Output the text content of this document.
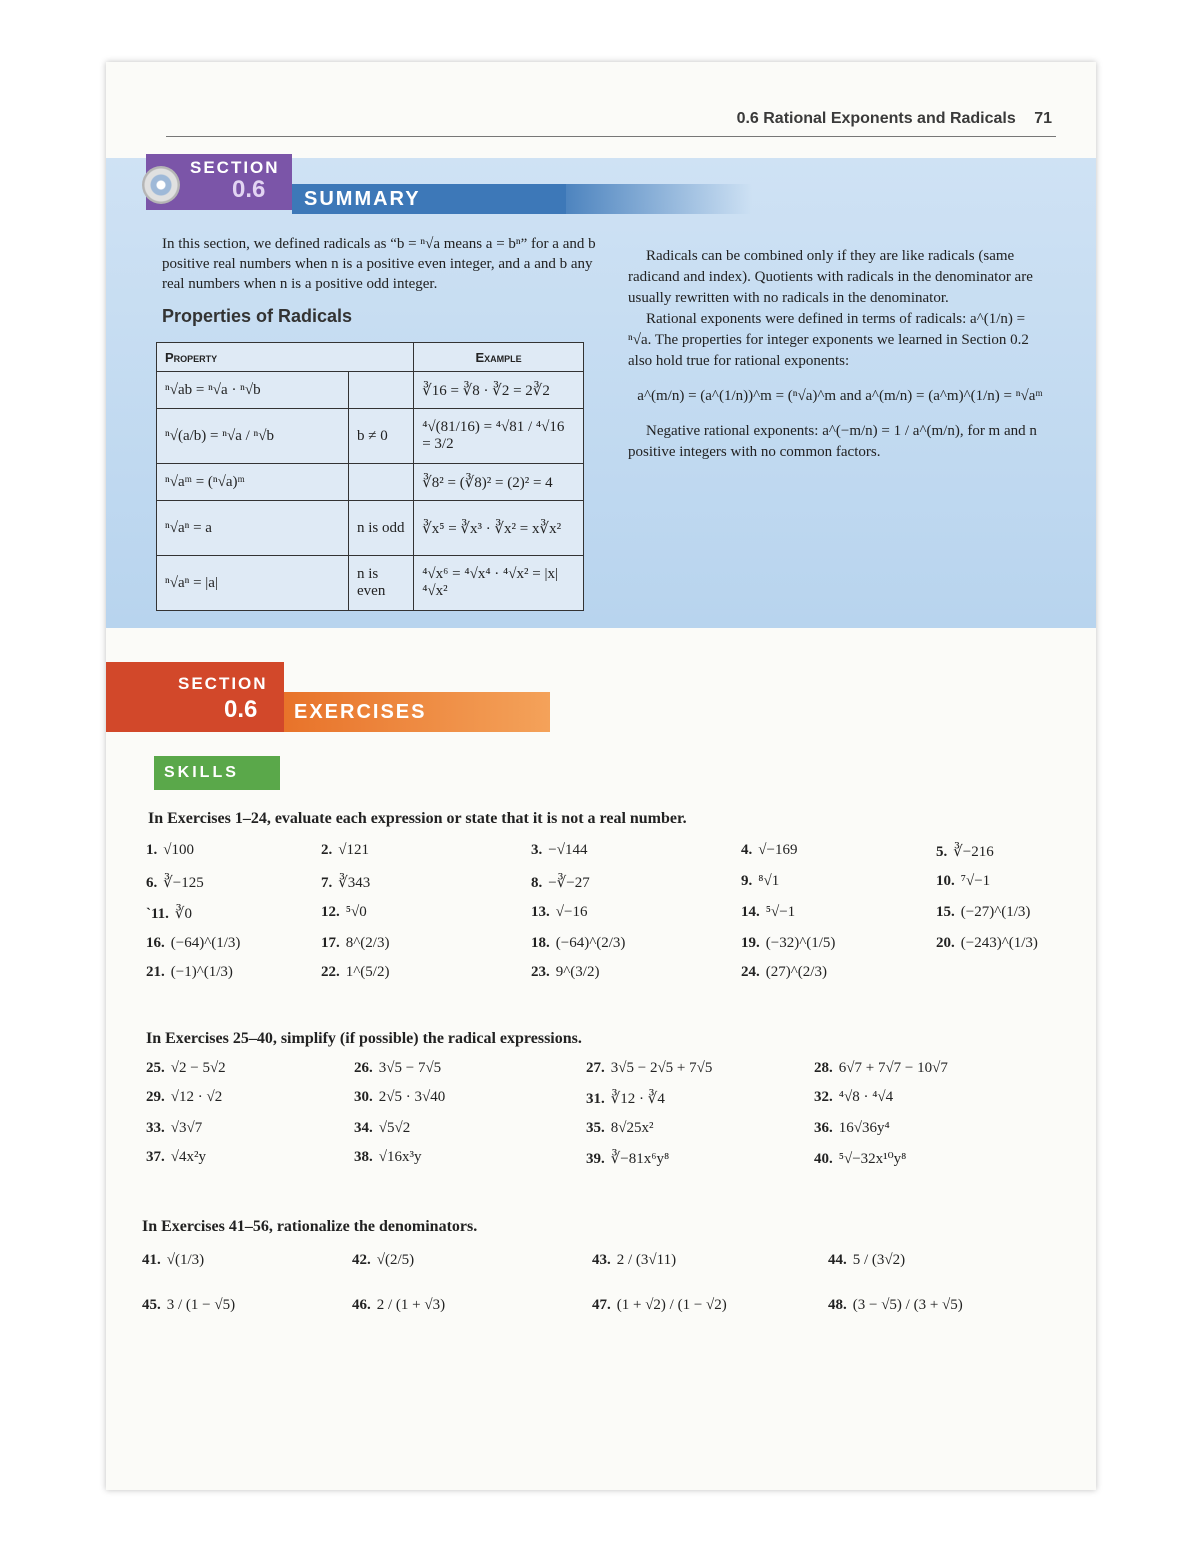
0.6 Rational Exponents and Radicals 71
SECTION
0.6	SUMMARY
In this section, we defined radicals as “b = ⁿ√a means a = bⁿ” for a and b positive real numbers when n is a positive even integer, and a and b any real numbers when n is a positive odd integer.
Properties of Radicals
Property		Example
ⁿ√ab = ⁿ√a · ⁿ√b		∛16 = ∛8 · ∛2 = 2∛2
ⁿ√(a/b) = ⁿ√a / ⁿ√b	b ≠ 0	⁴√(81/16) = ⁴√81 / ⁴√16 = 3/2
ⁿ√aᵐ = (ⁿ√a)ᵐ		∛8² = (∛8)² = (2)² = 4
ⁿ√aⁿ = a	n is odd	∛x⁵ = ∛x³ · ∛x² = x∛x²
ⁿ√aⁿ = |a|	n is even	⁴√x⁶ = ⁴√x⁴ · ⁴√x² = |x|⁴√x²

Radicals can be combined only if they are like radicals (same radicand and index). Quotients with radicals in the denominator are usually rewritten with no radicals in the denominator.

Rational exponents were defined in terms of radicals: a^(1/n) = ⁿ√a. The properties for integer exponents we learned in Section 0.2 also hold true for rational exponents:

a^(m/n) = (a^(1/n))^m = (ⁿ√a)^m and a^(m/n) = (a^m)^(1/n) = ⁿ√aᵐ

Negative rational exponents: a^(−m/n) = 1 / a^(m/n), for m and n positive integers with no common factors.

SECTION
0.6	EXERCISES
SKILLS
In Exercises 1–24, evaluate each expression or state that it is not a real number.
1. √100	2. √121	3. −√144	4. √−169	5. ∛−216
6. ∛−125	7. ∛343	8. −∛−27	9. ⁸√1	10. ⁷√−1
`11. ∛0	12. ⁵√0	13. √−16	14. ⁵√−1	15. (−27)^(1/3)
16. (−64)^(1/3)	17. 8^(2/3)	18. (−64)^(2/3)	19. (−32)^(1/5)	20. (−243)^(1/3)
21. (−1)^(1/3)	22. 1^(5/2)	23. 9^(3/2)	24. (27)^(2/3)
In Exercises 25–40, simplify (if possible) the radical expressions.
25. √2 − 5√2	26. 3√5 − 7√5	27. 3√5 − 2√5 + 7√5	28. 6√7 + 7√7 − 10√7
29. √12 · √2	30. 2√5 · 3√40	31. ∛12 · ∛4	32. ⁴√8 · ⁴√4
33. √3√7	34. √5√2	35. 8√25x²	36. 16√36y⁴
37. √4x²y	38. √16x³y	39. ∛−81x⁶y⁸	40. ⁵√−32x¹⁰y⁸
In Exercises 41–56, rationalize the denominators.
41. √(1/3)	42. √(2/5)	43. 2 / (3√11)	44. 5 / (3√2)
45. 3 / (1 − √5)	46. 2 / (1 + √3)	47. (1 + √2) / (1 − √2)	48. (3 − √5) / (3 + √5)
